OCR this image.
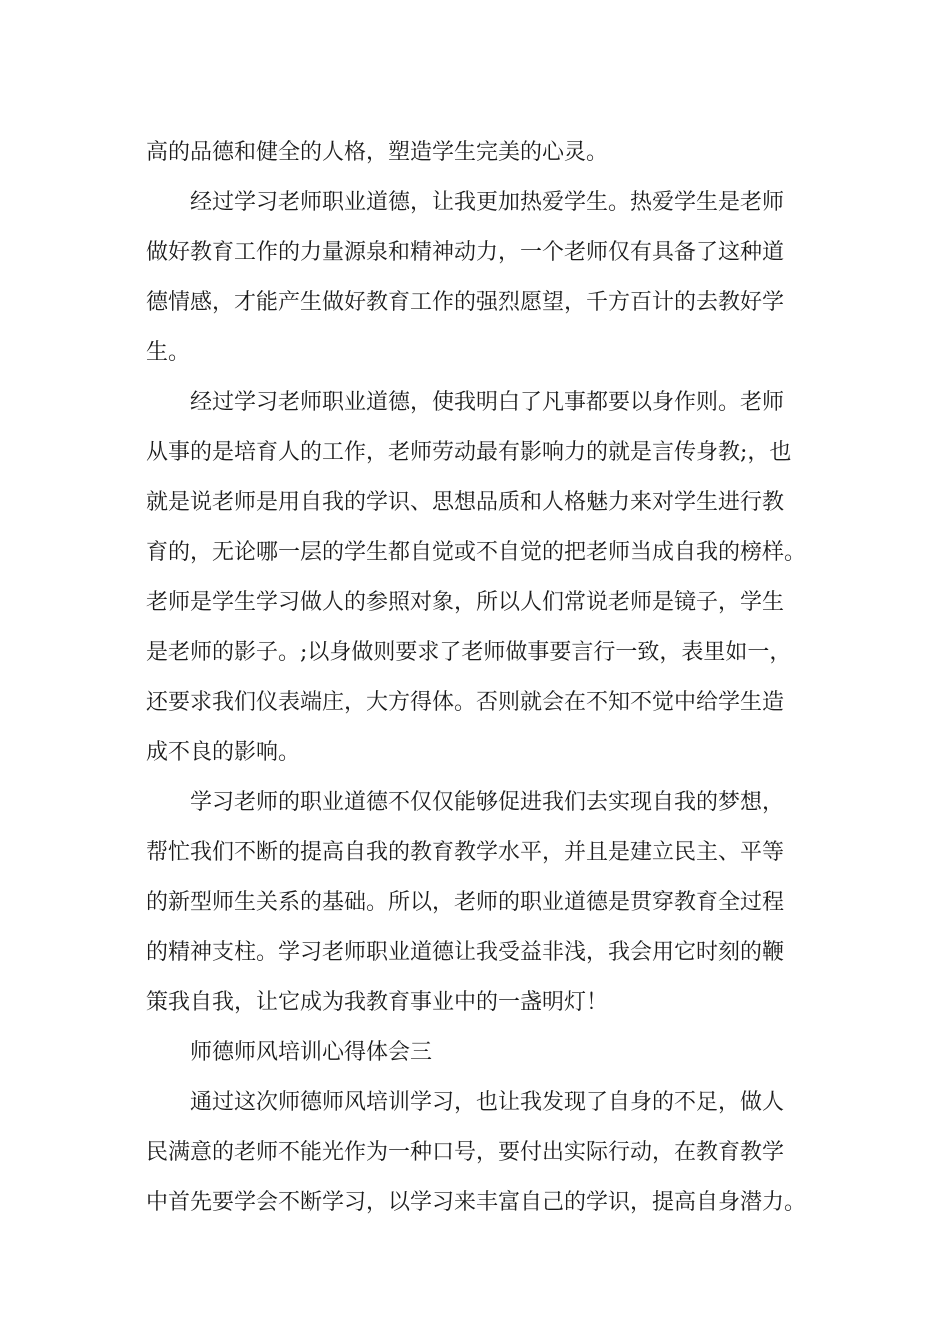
高的品德和健全的人格，塑造学生完美的心灵。
经过学习老师职业道德，让我更加热爱学生。热爱学生是老师
做好教育工作的力量源泉和精神动力，一个老师仅有具备了这种道
德情感，才能产生做好教育工作的强烈愿望，千方百计的去教好学
生。
经过学习老师职业道德，使我明白了凡事都要以身作则。老师
从事的是培育人的工作，老师劳动最有影响力的就是言传身教;，也
就是说老师是用自我的学识、思想品质和人格魅力来对学生进行教
育的，无论哪一层的学生都自觉或不自觉的把老师当成自我的榜样。
老师是学生学习做人的参照对象，所以人们常说老师是镜子，学生
是老师的影子。;以身做则要求了老师做事要言行一致，表里如一，
还要求我们仪表端庄，大方得体。否则就会在不知不觉中给学生造
成不良的影响。
学习老师的职业道德不仅仅能够促进我们去实现自我的梦想，
帮忙我们不断的提高自我的教育教学水平，并且是建立民主、平等
的新型师生关系的基础。所以，老师的职业道德是贯穿教育全过程
的精神支柱。学习老师职业道德让我受益非浅，我会用它时刻的鞭
策我自我，让它成为我教育事业中的一盏明灯！
师德师风培训心得体会三
通过这次师德师风培训学习，也让我发现了自身的不足，做人
民满意的老师不能光作为一种口号，要付出实际行动，在教育教学
中首先要学会不断学习，以学习来丰富自己的学识，提高自身潜力。
